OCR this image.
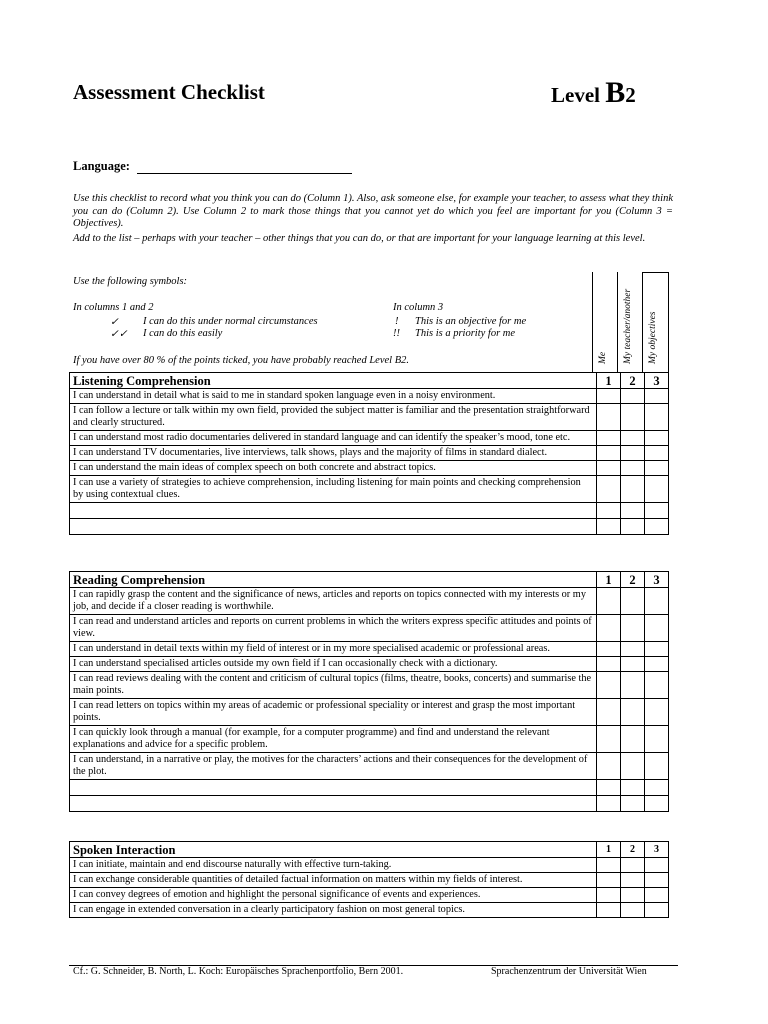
Assessment Checklist	Level B2
Language:
Use this checklist to record what you think you can do (Column 1). Also, ask someone else, for example your teacher, to assess what they think you can do (Column 2). Use Column 2 to mark those things that you cannot yet do which you feel are important for you (Column 3 = Objectives).
Add to the list – perhaps with your teacher – other things that you can do, or that are important for your language learning at this level.
Use the following symbols:
In columns 1 and 2
✓ I can do this under normal circumstances
✓✓ I can do this easily
In column 3
! This is an objective for me
!! This is a priority for me
If you have over 80 % of the points ticked, you have probably reached Level B2.	Me My teacher/another My objectives
Listening Comprehension	1	2	3
I can understand in detail what is said to me in standard spoken language even in a noisy environment.			
I can follow a lecture or talk within my own field, provided the subject matter is familiar and the presentation straightforward and clearly structured.			
I can understand most radio documentaries delivered in standard language and can identify the speaker’s mood, tone etc.			
I can understand TV documentaries, live interviews, talk shows, plays and the majority of films in standard dialect.			
I can understand the main ideas of complex speech on both concrete and abstract topics.			
I can use a variety of strategies to achieve comprehension, including listening for main points and checking comprehension by using contextual clues.			

Reading Comprehension	1	2	3
I can rapidly grasp the content and the significance of news, articles and reports on topics connected with my interests or my job, and decide if a closer reading is worthwhile.			
I can read and understand articles and reports on current problems in which the writers express specific attitudes and points of view.			
I can understand in detail texts within my field of interest or in my more specialised academic or professional areas.			
I can understand specialised articles outside my own field if I can occasionally check with a dictionary.			
I can read reviews dealing with the content and criticism of cultural topics (films, theatre, books, concerts) and summarise the main points.			
I can read letters on topics within my areas of academic or professional speciality or interest and grasp the most important points.			
I can quickly look through a manual (for example, for a computer programme) and find and understand the relevant explanations and advice for a specific problem.			
I can understand, in a narrative or play, the motives for the characters’ actions and their consequences for the development of the plot.			

Spoken Interaction	1	2	3
I can initiate, maintain and end discourse naturally with effective turn-taking.			
I can exchange considerable quantities of detailed factual information on matters within my fields of interest.			
I can convey degrees of emotion and highlight the personal significance of events and experiences.			
I can engage in extended conversation in a clearly participatory fashion on most general topics.			
Cf.: G. Schneider, B. North, L. Koch: Europäisches Sprachenportfolio, Bern 2001.	Sprachenzentrum der Universität Wien
